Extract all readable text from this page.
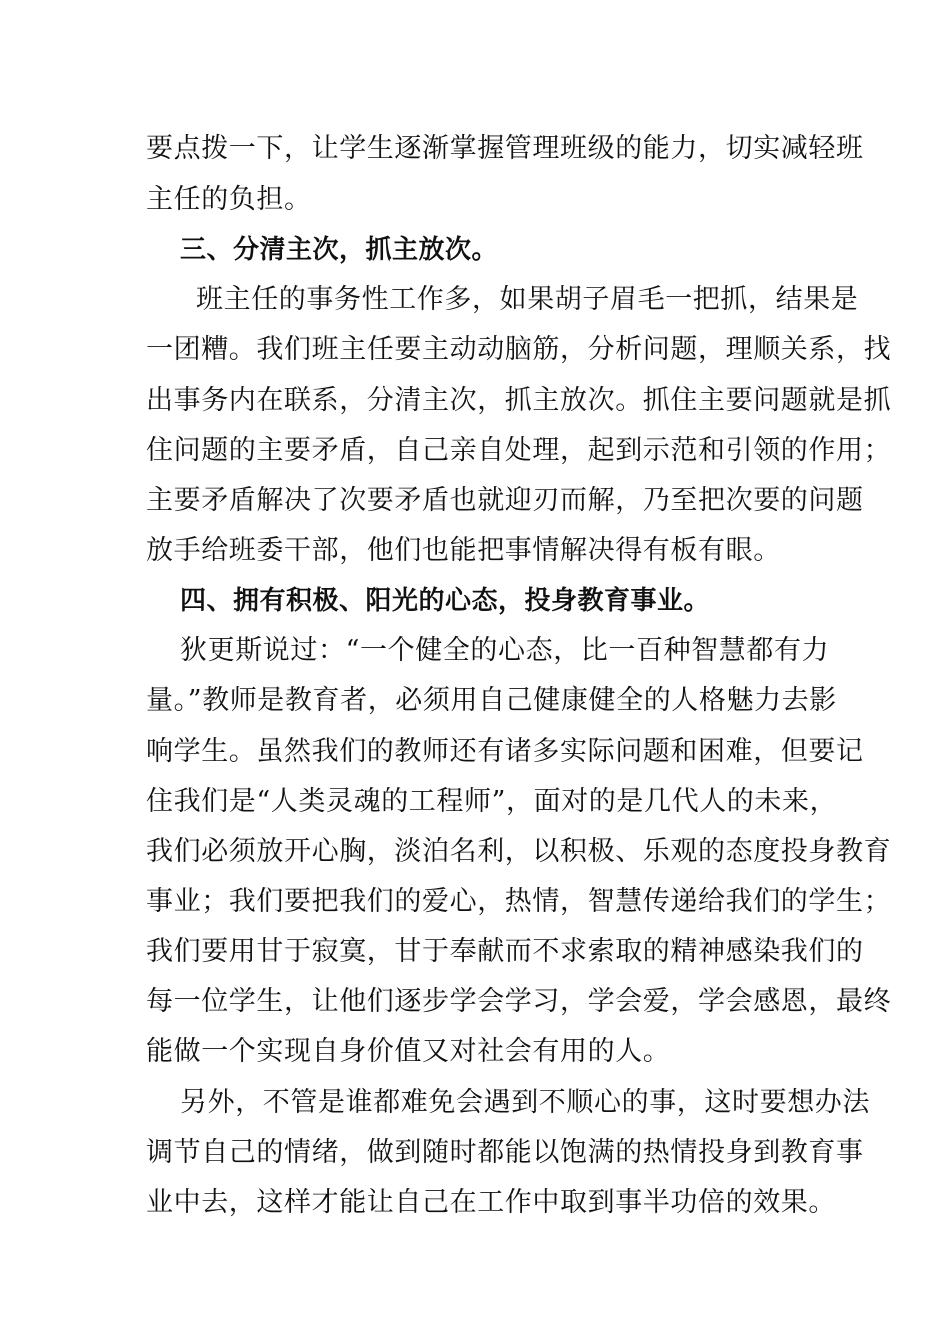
要点拨一下，让学生逐渐掌握管理班级的能力，切实减轻班
主任的负担。
三、分清主次，抓主放次。
班主任的事务性工作多，如果胡子眉毛一把抓，结果是
一团糟。我们班主任要主动动脑筋，分析问题，理顺关系，找
出事务内在联系，分清主次，抓主放次。抓住主要问题就是抓
住问题的主要矛盾，自己亲自处理，起到示范和引领的作用；
主要矛盾解决了次要矛盾也就迎刃而解，乃至把次要的问题
放手给班委干部，他们也能把事情解决得有板有眼。
四、拥有积极、阳光的心态，投身教育事业。
狄更斯说过：“一个健全的心态，比一百种智慧都有力
量。”教师是教育者，必须用自己健康健全的人格魅力去影
响学生。虽然我们的教师还有诸多实际问题和困难，但要记
住我们是“人类灵魂的工程师”，面对的是几代人的未来，
我们必须放开心胸，淡泊名利，以积极、乐观的态度投身教育
事业；我们要把我们的爱心，热情，智慧传递给我们的学生；
我们要用甘于寂寞，甘于奉献而不求索取的精神感染我们的
每一位学生，让他们逐步学会学习，学会爱，学会感恩，最终
能做一个实现自身价值又对社会有用的人。
另外，不管是谁都难免会遇到不顺心的事，这时要想办法
调节自己的情绪，做到随时都能以饱满的热情投身到教育事
业中去，这样才能让自己在工作中取到事半功倍的效果。
